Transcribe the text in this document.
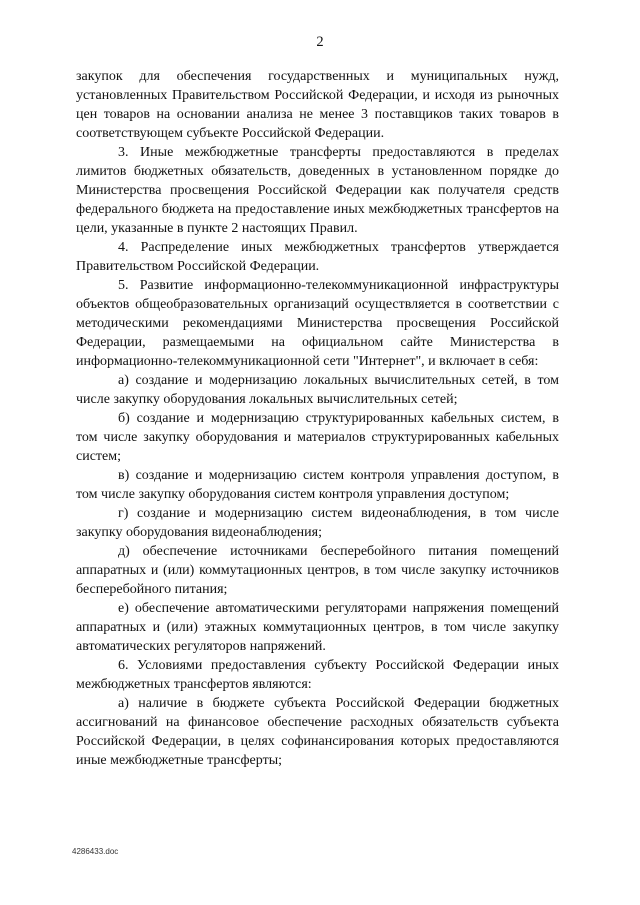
2

закупок для обеспечения государственных и муниципальных нужд, установленных Правительством Российской Федерации, и исходя из рыночных цен товаров на основании анализа не менее 3 поставщиков таких товаров в соответствующем субъекте Российской Федерации.

3. Иные межбюджетные трансферты предоставляются в пределах лимитов бюджетных обязательств, доведенных в установленном порядке до Министерства просвещения Российской Федерации как получателя средств федерального бюджета на предоставление иных межбюджетных трансфертов на цели, указанные в пункте 2 настоящих Правил.

4. Распределение иных межбюджетных трансфертов утверждается Правительством Российской Федерации.

5. Развитие информационно-телекоммуникационной инфраструктуры объектов общеобразовательных организаций осуществляется в соответствии с методическими рекомендациями Министерства просвещения Российской Федерации, размещаемыми на официальном сайте Министерства в информационно-телекоммуникационной сети "Интернет", и включает в себя:

а) создание и модернизацию локальных вычислительных сетей, в том числе закупку оборудования локальных вычислительных сетей;

б) создание и модернизацию структурированных кабельных систем, в том числе закупку оборудования и материалов структурированных кабельных систем;

в) создание и модернизацию систем контроля управления доступом, в том числе закупку оборудования систем контроля управления доступом;

г) создание и модернизацию систем видеонаблюдения, в том числе закупку оборудования видеонаблюдения;

д) обеспечение источниками бесперебойного питания помещений аппаратных и (или) коммутационных центров, в том числе закупку источников бесперебойного питания;

е) обеспечение автоматическими регуляторами напряжения помещений аппаратных и (или) этажных коммутационных центров, в том числе закупку автоматических регуляторов напряжений.

6. Условиями предоставления субъекту Российской Федерации иных межбюджетных трансфертов являются:

а) наличие в бюджете субъекта Российской Федерации бюджетных ассигнований на финансовое обеспечение расходных обязательств субъекта Российской Федерации, в целях софинансирования которых предоставляются иные межбюджетные трансферты;

4286433.doc
